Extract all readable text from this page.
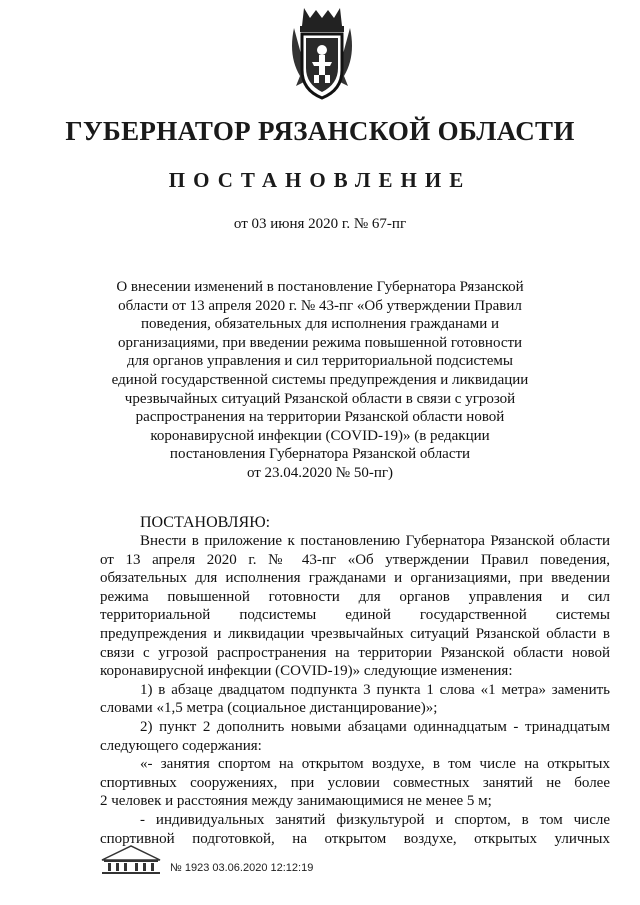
ГУБЕРНАТОР РЯЗАНСКОЙ ОБЛАСТИ
ПОСТАНОВЛЕНИЕ
от 03 июня 2020 г. № 67-пг
О внесении изменений в постановление Губернатора Рязанской
области от 13 апреля 2020 г. № 43-пг «Об утверждении Правил
поведения, обязательных для исполнения гражданами и
организациями, при введении режима повышенной готовности
для органов управления и сил территориальной подсистемы
единой государственной системы предупреждения и ликвидации
чрезвычайных ситуаций Рязанской области в связи с угрозой
распространения на территории Рязанской области новой
коронавирусной инфекции (COVID-19)» (в редакции
постановления Губернатора Рязанской области
от 23.04.2020 № 50-пг)
ПОСТАНОВЛЯЮ:
Внести в приложение к постановлению Губернатора Рязанской области
от 13 апреля 2020 г. № 43-пг «Об утверждении Правил поведения,
обязательных для исполнения гражданами и организациями, при введении
режима повышенной готовности для органов управления и сил
территориальной подсистемы единой государственной системы
предупреждения и ликвидации чрезвычайных ситуаций Рязанской области в
связи с угрозой распространения на территории Рязанской области новой
коронавирусной инфекции (COVID-19)» следующие изменения:
1) в абзаце двадцатом подпункта 3 пункта 1 слова «1 метра» заменить
словами «1,5 метра (социальное дистанцирование)»;
2) пункт 2 дополнить новыми абзацами одиннадцатым - тринадцатым
следующего содержания:
«- занятия спортом на открытом воздухе, в том числе на открытых
спортивных сооружениях, при условии совместных занятий не более
2 человек и расстояния между занимающимися не менее 5 м;
- индивидуальных занятий физкультурой и спортом, в том числе
спортивной подготовкой, на открытом воздухе, открытых уличных
№ 1923 03.06.2020 12:12:19
